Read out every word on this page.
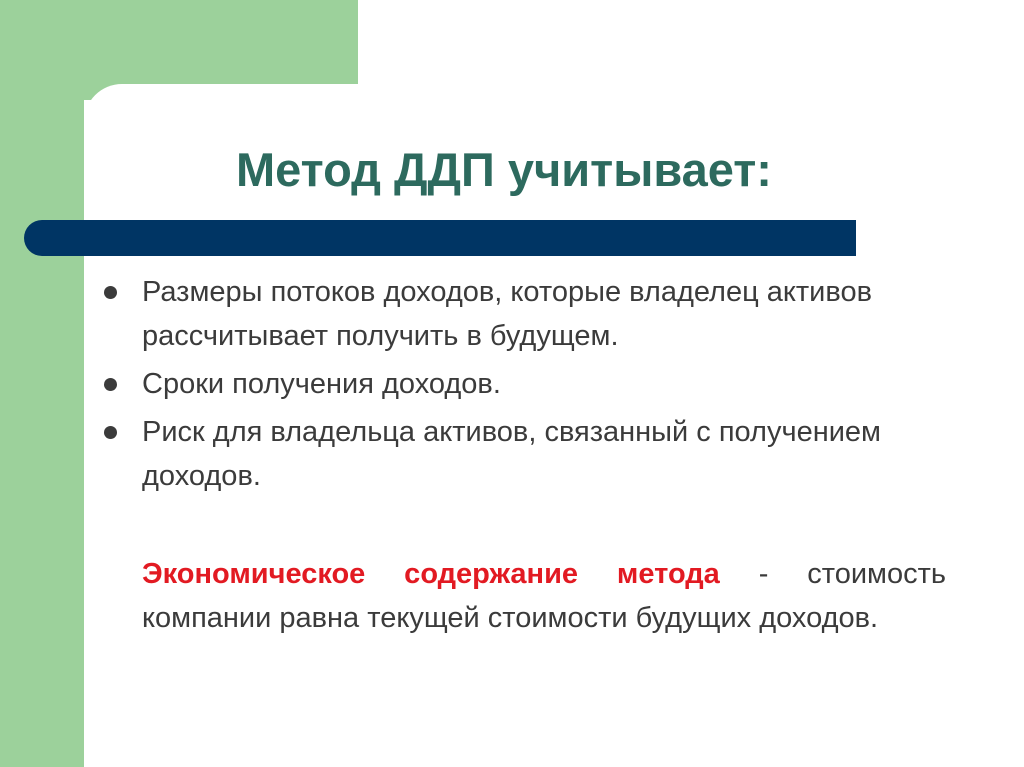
Метод ДДП учитывает:
Размеры потоков доходов, которые владелец активов рассчитывает получить в будущем.
Сроки получения доходов.
Риск для владельца активов, связанный с получением доходов.

Экономическое содержание метода - стоимость компании равна текущей стоимости будущих доходов.
